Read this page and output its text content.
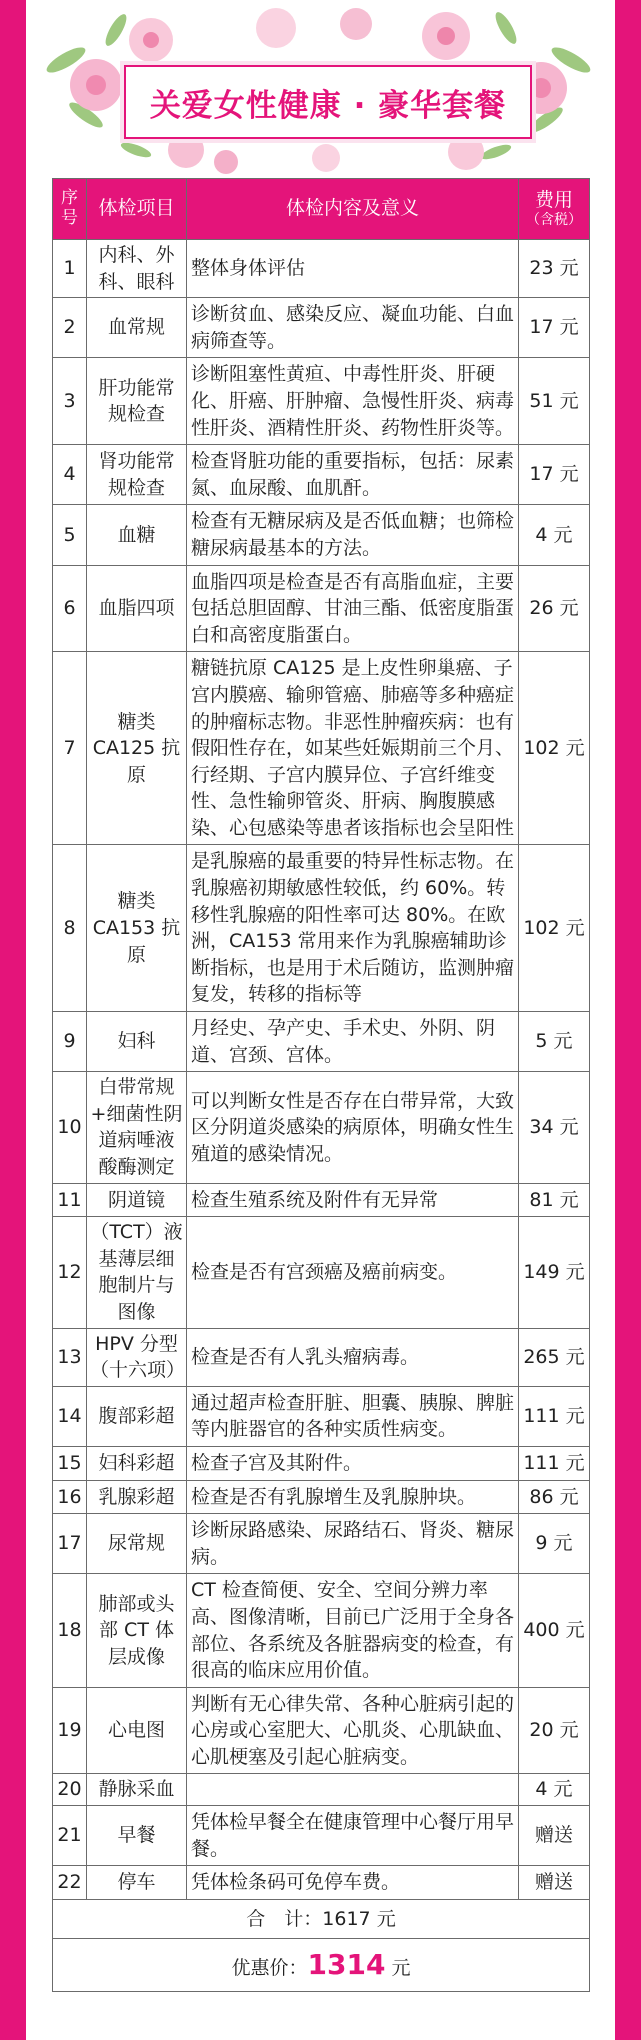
关爱女性健康 · 豪华套餐
序号	体检项目	体检内容及意义	费用
（含税）

1	内科、外科、眼科	整体身体评估	23 元
2	血常规	诊断贫血、感染反应、凝血功能、白血病筛查等。	17 元
3	肝功能常规检查	诊断阻塞性黄疸、中毒性肝炎、肝硬化、肝癌、肝肿瘤、急慢性肝炎、病毒性肝炎、酒精性肝炎、药物性肝炎等。	51 元
4	肾功能常规检查	检查肾脏功能的重要指标，包括：尿素氮、血尿酸、血肌酐。	17 元
5	血糖	检查有无糖尿病及是否低血糖；也筛检糖尿病最基本的方法。	4 元
6	血脂四项	血脂四项是检查是否有高脂血症，主要包括总胆固醇、甘油三酯、低密度脂蛋白和高密度脂蛋白。	26 元
7	糖类 CA125 抗原	糖链抗原 CA125 是上皮性卵巢癌、子宫内膜癌、输卵管癌、肺癌等多种癌症的肿瘤标志物。非恶性肿瘤疾病：也有假阳性存在，如某些妊娠期前三个月、行经期、子宫内膜异位、子宫纤维变性、急性输卵管炎、肝病、胸腹膜感染、心包感染等患者该指标也会呈阳性	102 元
8	糖类 CA153 抗原	是乳腺癌的最重要的特异性标志物。在乳腺癌初期敏感性较低，约 60%。转移性乳腺癌的阳性率可达 80%。在欧洲，CA153 常用来作为乳腺癌辅助诊断指标，也是用于术后随访，监测肿瘤复发，转移的指标等	102 元
9	妇科	月经史、孕产史、手术史、外阴、阴道、宫颈、宫体。	5 元
10	白带常规+细菌性阴道病唾液酸酶测定	可以判断女性是否存在白带异常，大致区分阴道炎感染的病原体，明确女性生殖道的感染情况。	34 元
11	阴道镜	检查生殖系统及附件有无异常	81 元
12	（TCT）液基薄层细胞制片与图像	检查是否有宫颈癌及癌前病变。	149 元
13	HPV 分型（十六项）	检查是否有人乳头瘤病毒。	265 元
14	腹部彩超	通过超声检查肝脏、胆囊、胰腺、脾脏等内脏器官的各种实质性病变。	111 元
15	妇科彩超	检查子宫及其附件。	111 元
16	乳腺彩超	检查是否有乳腺增生及乳腺肿块。	86 元
17	尿常规	诊断尿路感染、尿路结石、肾炎、糖尿病。	9 元
18	肺部或头部 CT 体层成像	CT 检查简便、安全、空间分辨力率高、图像清晰，目前已广泛用于全身各部位、各系统及各脏器病变的检查，有很高的临床应用价值。	400 元
19	心电图	判断有无心律失常、各种心脏病引起的心房或心室肥大、心肌炎、心肌缺血、心肌梗塞及引起心脏病变。	20 元
20	静脉采血		4 元
21	早餐	凭体检早餐全在健康管理中心餐厅用早餐。	赠送
22	停车	凭体检条码可免停车费。	赠送
合　计：1617 元			
优惠价：1314 元			
